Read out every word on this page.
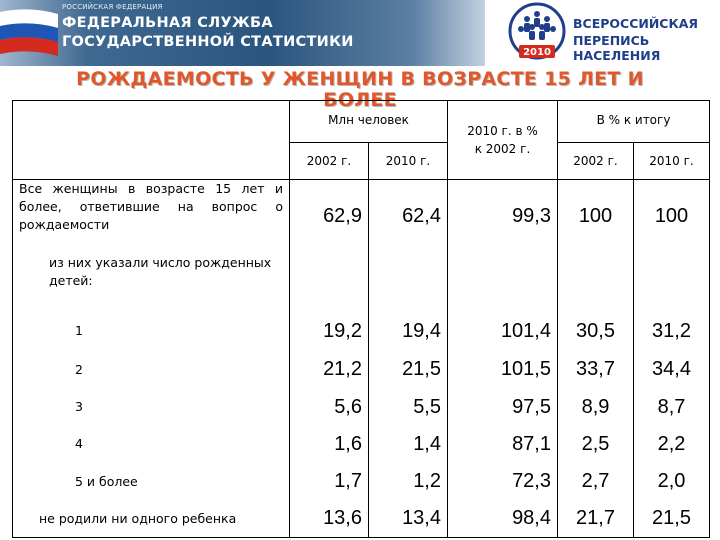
РОССИЙСКАЯ ФЕДЕРАЦИЯ
ФЕДЕРАЛЬНАЯ СЛУЖБА
ГОСУДАРСТВЕННОЙ СТАТИСТИКИ
2010
ВСЕРОССИЙСКАЯ
ПЕРЕПИСЬ НАСЕЛЕНИЯ
РОЖДАЕМОСТЬ У ЖЕНЩИН В ВОЗРАСТЕ 15 ЛЕТ И
БОЛЕЕ
	Млн человек		2010 г. в % к 2002 г.	В % к итогу	
	2002 г.	2010 г.		2002 г.	2010 г.
Все женщины в возрасте 15 лет и более, ответившие на вопрос о рождаемости	62,9	62,4	99,3	100	100
из них указали число рожденных детей:					
1	19,2	19,4	101,4	30,5	31,2
2	21,2	21,5	101,5	33,7	34,4
3	5,6	5,5	97,5	8,9	8,7
4	1,6	1,4	87,1	2,5	2,2
5 и более	1,7	1,2	72,3	2,7	2,0
не родили ни одного ребенка	13,6	13,4	98,4	21,7	21,5
